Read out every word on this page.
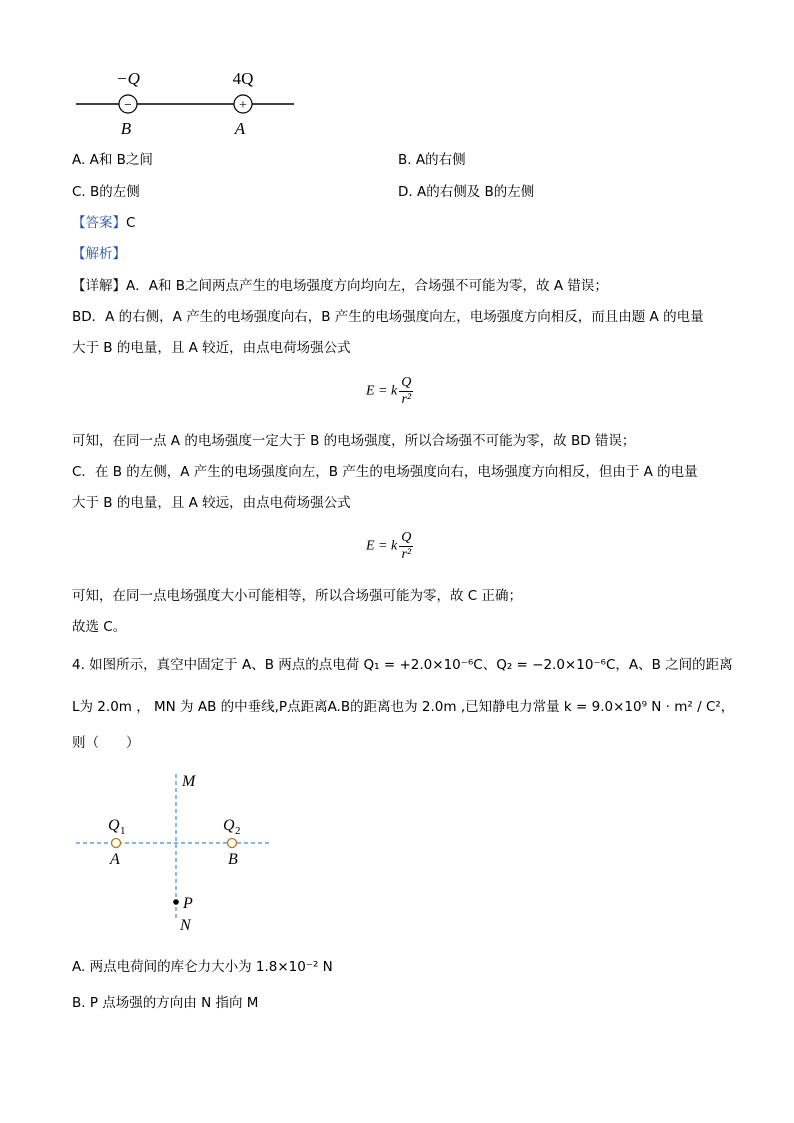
−	+
−Q	4Q
B	A
A. A和 B之间	B. A的右侧
C. B的左侧	D. A的右侧及 B的左侧
【答案】C
【解析】
【详解】A．A和 B之间两点产生的电场强度方向均向左，合场强不可能为零，故 A 错误；
BD．A 的右侧，A 产生的电场强度向右，B 产生的电场强度向左，电场强度方向相反，而且由题 A 的电量
大于 B 的电量，且 A 较近，由点电荷场强公式
E = k $\frac{Q}{\text{r²}}$
可知，在同一点 A 的电场强度一定大于 B 的电场强度，所以合场强不可能为零，故 BD 错误；
C．在 B 的左侧，A 产生的电场强度向左，B 产生的电场强度向右，电场强度方向相反，但由于 A 的电量
大于 B 的电量，且 A 较远，由点电荷场强公式
E = k $\frac{Q}{\text{r²}}$
可知，在同一点电场强度大小可能相等，所以合场强可能为零，故 C 正确；
故选 C。
4. 如图所示，真空中固定于 A、B 两点的点电荷 Q₁ = +2.0×10⁻⁶C、Q₂ = −2.0×10⁻⁶C，A、B 之间的距离
L为 2.0m ， MN 为 AB 的中垂线,P点距离A.B的距离也为 2.0m ,已知静电力常量 k = 9.0×10⁹ N · m² / C²，
则（　　）
M
N
P
Q 1	Q 2
A	B
A. 两点电荷间的库仑力大小为 1.8×10⁻² N
B. P 点场强的方向由 N 指向 M
